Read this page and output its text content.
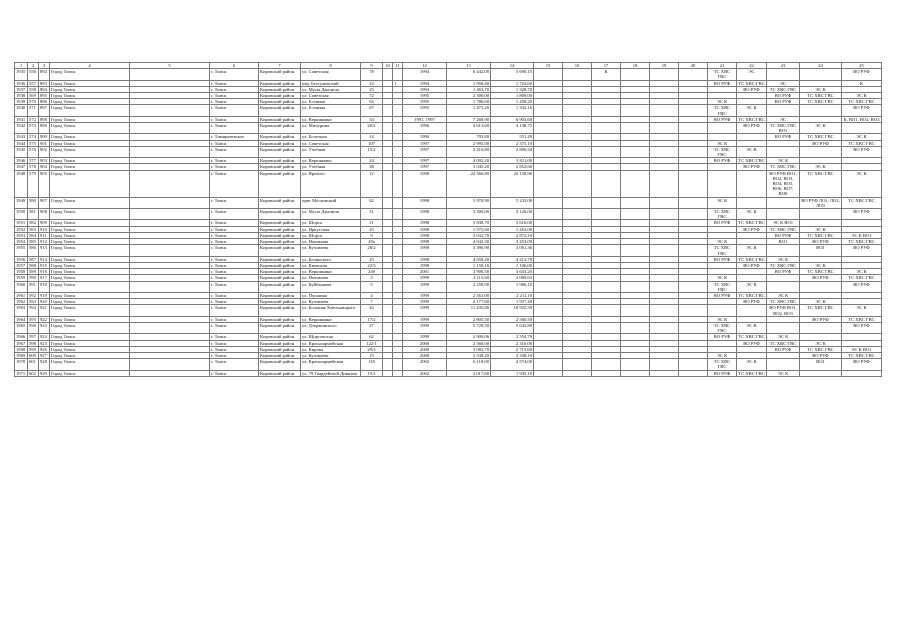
1	2	3	4	5	6	7	8	9	10	11	12	13	14	15	16	17	18	19	20	21	22	23	24	25
1935	556	892	Город Томск		г. Томск	Кировский район	ул. Советская	78			1994	6 442,00	5 690,15			К				ТС ХВС ГВС	ЭС			ВО РУФ
1936	557	893	Город Томск		г. Томск	Кировский район	пер. Бестужевский	22		1	1994	1 958,40	1 724,60							ВО РУФ	ТС ХВС ГВС	ЭС		К
1937	558	894	Город Томск		г. Томск	Кировский район	ул. Мусы Джалиля	25			1994	1 463,70	1 328,70								ВО РУФ	ТС ХВС ГВС	ЭС К	
1938	569	895	Город Томск		г. Томск	Кировский район	ул. Советская	72			1995	2 300,00	1 809,00									ВО РУФ	ТС ХВС ГВС	ЭС К
1939	570	896	Город Томск		г. Томск	Кировский район	ул. Есенина	63			1995	1 786,60	1 458,20							ЭС К		ВО РУФ	ТС ХВС ГВС	ТС ХВС ГВС
1940	571	897	Город Томск		г. Томск	Кировский район	ул. Есенина	67			1995	1 473,20	1 332,16							ТС ХВС ГВС	ЭС К			ВО РУФ
1941	572	898	Город Томск		г. Томск	Кировский район	ул. Вершинина	54			1991, 1997	7 268,90	6 903,60							ВО РУФ	ТС ХВС ГВС	ЭС		К, ВО1, ВО2, ВО3
1942	573	899	Город Томск		г. Томск	Кировский район	ул. Мичурина	20/2			1996	4 613,60	4 148,75								ВО РУФ	ТС ХВС ГВС ВО1	ЭС К	
1943	574	900	Город Томск		г. Тимирязевское	Кировский район	ул. Болотная	14			1996	793,80	551,49									ВО РУФ	ТС ХВС ГВС	ЭС К
1944	575	901	Город Томск		г. Томск	Кировский район	ул. Советская	107			1997	2 995,00	2 375,10							ЭС К			ВО РУФ	ТС ХВС ГВС
1945	576	902	Город Томск		г. Томск	Кировский район	ул. Учебная	15/2			1997	3 216,80	2 806,50							ТС ХВС ГВС	ЭС К			ВО РУФ
1946	577	903	Город Томск		г. Томск	Кировский район	ул. Вершинина	24			1997	4 092,20	3 811,00							ВО РУФ	ТС ХВС ГВС	ЭС К		
1947	578	904	Город Томск		г. Томск	Кировский район	ул. Учебная	38			1997	3 045,20	2 852,60								ВО РУФ	ТС ХВС ГВС	ЭС К	
1948	579	905	Город Томск		г. Томск	Кировский район	ул. Ярового	12			1998	22 366,80	22 138,96									ВО РУФ ВО1, ВО2, ВО3, ВО4, ВО5, ВО6, ВО7, ВО8	ТС ХВС ГВС	ЭС К
1949	580	907	Город Томск		г. Томск	Кировский район	пркт Московский	82			1998	5 978,90	5 233,00							ЭС К			ВО РУФ ЛО1, ЛО2, ЛО3	ТС ХВС ГВС
1950	581	908	Город Томск		г. Томск	Кировский район	ул. Мусы Джалиля	31			1998	3 300,00	3 126,00							ТС ХВС ГВС	ЭС К			ВО РУФ
1951	582	909	Город Томск		г. Томск	Кировский район	ул. Шорса	11			1998	5 838,70	5 616,00							ВО РУФ	ТС ХВС ГВС	ЭС К ВО1		
1952	583	910	Город Томск		г. Томск	Кировский район	ул. Иркутская	25			1998	1 575,60	1 452,00								ВО РУФ	ТС ХВС ГВС	ЭС К	
1953	584	911	Город Томск		г. Томск	Кировский район	ул. Шорса	9			1998	3 032,70	2 872,10									ВО РУФ	ТС ХВС ГВС	ЭС К ВО1
1954	585	912	Город Томск		г. Томск	Кировский район	ул. Нахимова	29а			1998	4 042,30	3 453,00							ЭС К		ВО1	ВО РУФ	ТС ХВС ГВС
1955	586	913	Город Томск		г. Томск	Кировский район	ул. Кузовлева	28/2			1998	3 390,90	3 061,36							ТС ХВС ГВС	ЭС К		ВО1	ВО РУФ
1956	587	914	Город Томск		г. Томск	Кировский район	ул. Белинского	25			1998	4 658,20	4 213,78							ВО РУФ	ТС ХВС ГВС	ЭС К		
1957	588	915	Город Томск		г. Томск	Кировский район	ул. Киевская	23/3			1998	1 158,16	1 106,00								ВО РУФ	ТС ХВС ГВС	ЭС К	
1958	589	916	Город Томск		г. Томск	Кировский район	ул. Вершинина	24б			2001	3 900,50	3 643,20									ВО РУФ	ТС ХВС ГВС	ЭС К
1959	590	917	Город Томск		г. Томск	Кировский район	ул. Нахимова	3			1999	2 115,60	2 069,63							ЭС К			ВО РУФ	ТС ХВС ГВС
1960	591	918	Город Томск		г. Томск	Кировский район	ул. Куйбышева	5			1999	2 258,90	1 986,10							ТС ХВС ГВС	ЭС К			ВО РУФ
1961	592	919	Город Томск		г. Томск	Кировский район	ул. Пушкина	4			1999	2 561,00	2 211,10							ВО РУФ	ТС ХВС ГВС	ЭС К		
1962	593	920	Город Томск		г. Томск	Кировский район	ул. Кузовлева	7			1999	2 177,60	1 957,40								ВО РУФ	ТС ХВС ГВС	ЭС К	
1963	594	921	Город Томск		г. Томск	Кировский район	ул. Большая Хмельницкого	42			1999	11 435,80	10 925,59									ВО РУФ ВО1, ВО2, ВО3	ТС ХВС ГВС	ЭС К
1964	595	922	Город Томск		г. Томск	Кировский район	ул. Вершинина	17/2			1999	2 805,50	2 560,50							ЭС К			ВО РУФ	ТС ХВС ГВС
1965	596	923	Город Томск		г. Томск	Кировский район	ул. Дзержинского	27			1999	5 728,50	5 642,80							ТС ХВС ГВС	ЭС К			ВО РУФ
1966	597	924	Город Томск		г. Томск	Кировский район	ул. Щорсовская	62			1999	2 900,06	2 554,70							ВО РУФ	ТС ХВС ГВС	ЭС К		
1967	598	925	Город Томск		г. Томск	Кировский район	ул. Красноармейская	122/1			2000	2 560,00	2 316,00								ВО РУФ	ТС ХВС ГВС	ЭС К	
1968	599	926	Город Томск		г. Томск	Кировский район	ул. Кирова	29/3			2000	3 082,70	2 715,60									ВО РУФ	ТС ХВС ГВС	ЭС К ВО1
1969	600	927	Город Томск		г. Томск	Кировский район	ул. Кузовлева	15			2000	3 538,20	3 338,10							ЭС К			ВО РУФ	ТС ХВС ГВС
1970	601	928	Город Томск		г. Томск	Кировский район	ул. Красноармейская	118			2002	6 118,00	4 574,00							ТС ХВС ГВС	ЭС К		ВО1	ВО РУФ
1971	602	929	Город Томск		г. Томск	Кировский район	ул. 79 Гвардейской Дивизии	15/2			2002	2 017,60	1 935,10							ВО РУФ	ТС ХВС ГВС	ЭС К		
